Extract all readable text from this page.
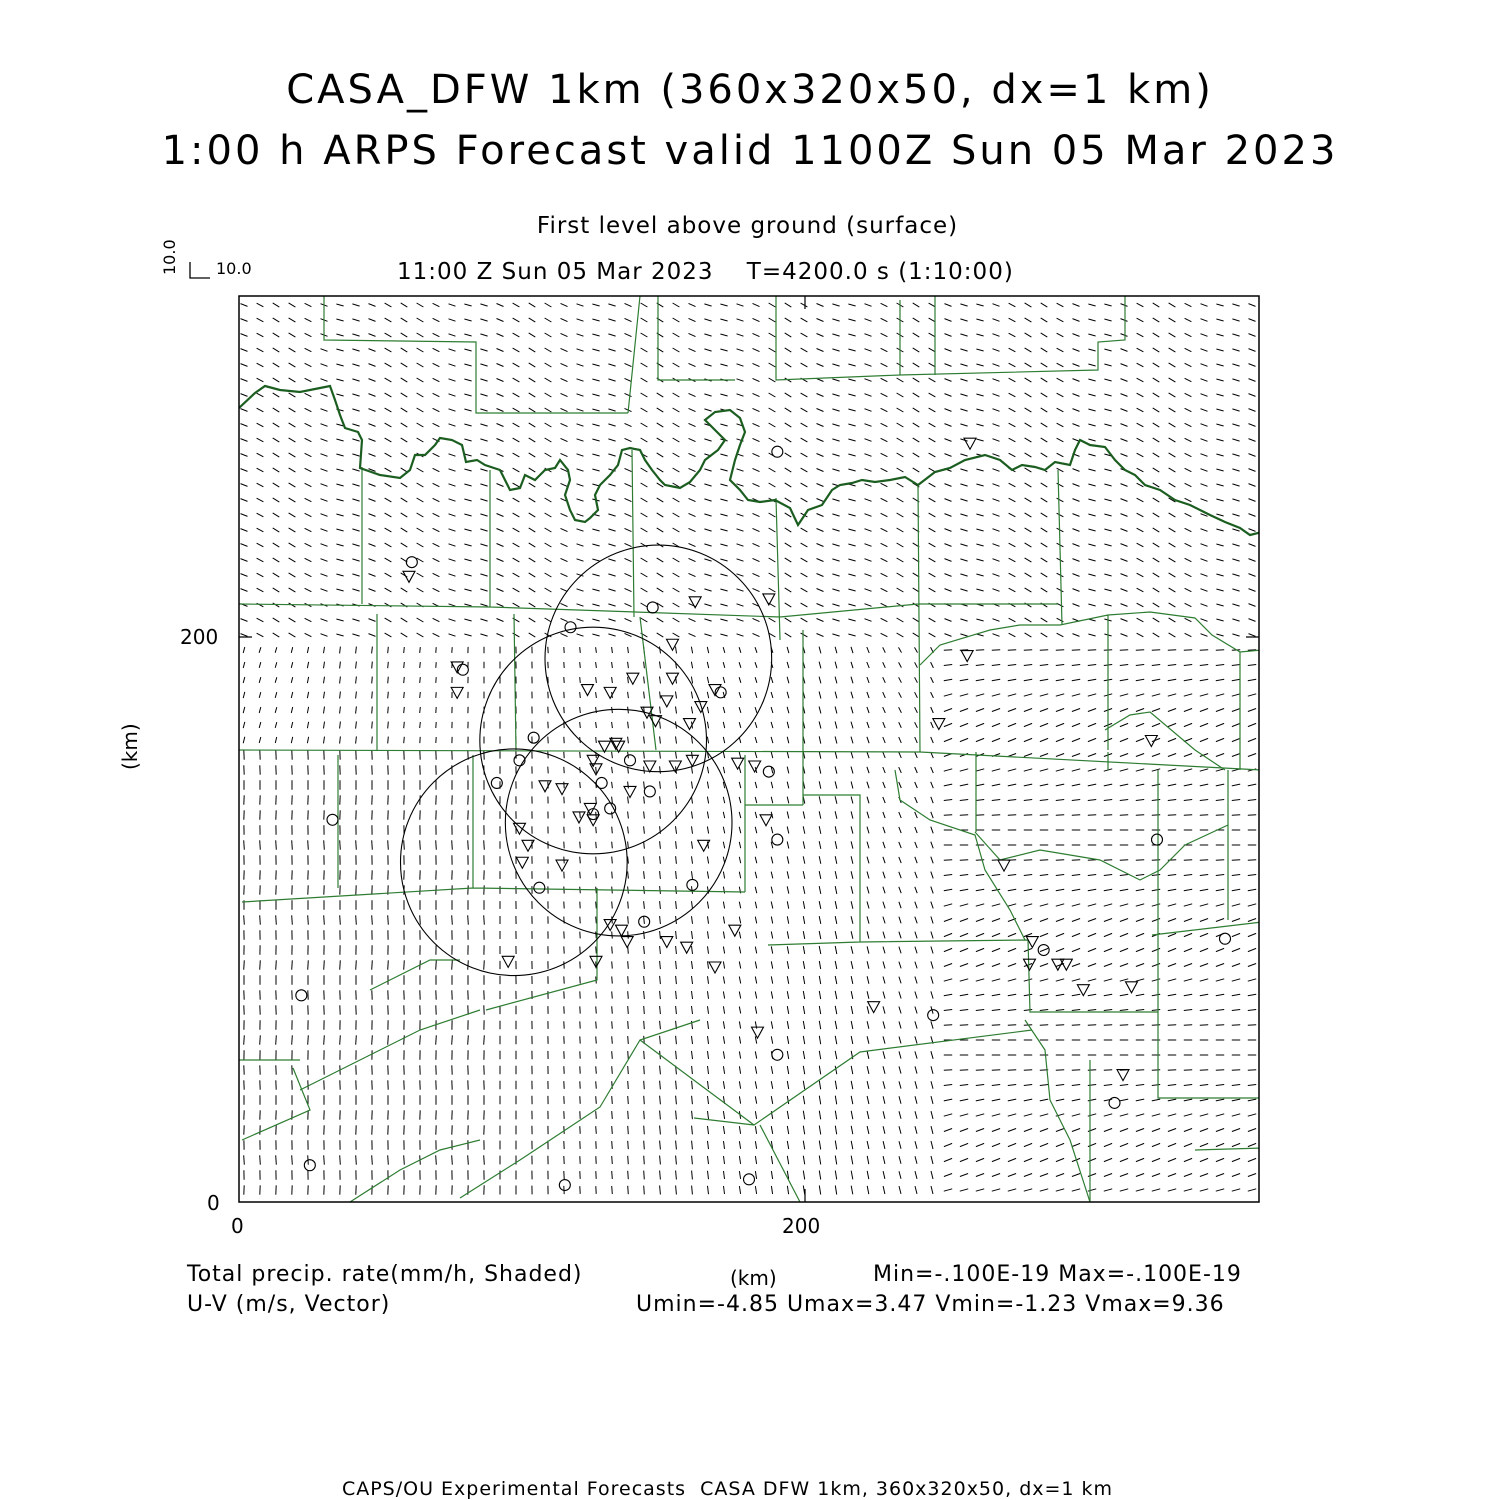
CASA_DFW 1km (360x320x50, dx=1 km)
1:00 h ARPS Forecast valid 1100Z Sun 05 Mar 2023
First level above ground (surface)
11:00 Z Sun 05 Mar 2023    T=4200.0 s (1:10:00)
10.0 10.0
200
0
0	200
(km)
(km)
Total precip. rate(mm/h, Shaded)	Min=-.100E-19 Max=-.100E-19
U-V (m/s, Vector)	Umin=-4.85 Umax=3.47 Vmin=-1.23 Vmax=9.36
CAPS/OU Experimental Forecasts  CASA DFW 1km, 360x320x50, dx=1 km
